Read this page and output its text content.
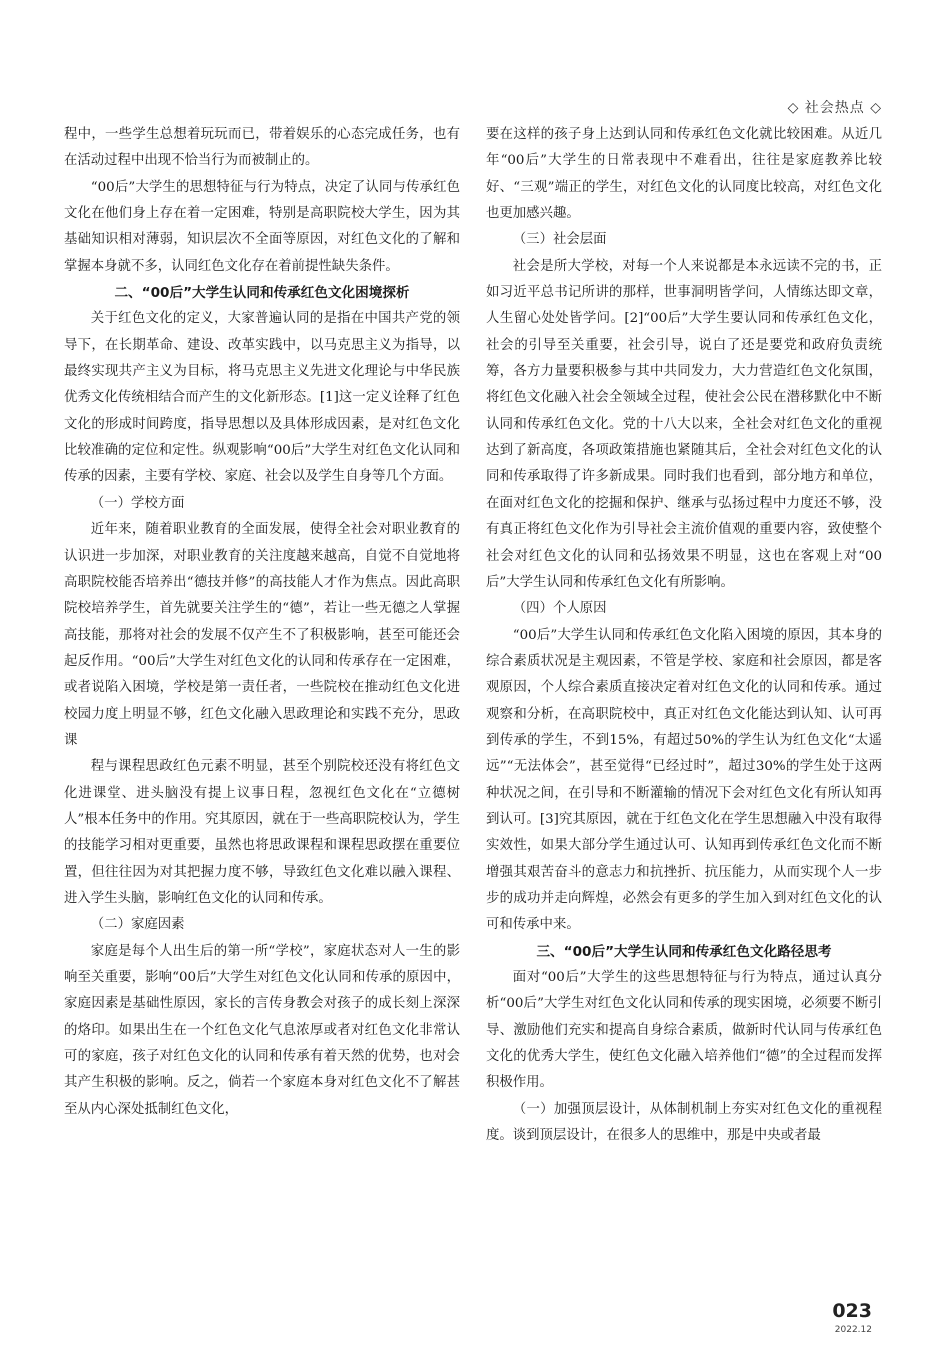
◇ 社会热点 ◇

程中，一些学生总想着玩玩而已，带着娱乐的心态完成任务，也有在活动过程中出现不恰当行为而被制止的。

“00后”大学生的思想特征与行为特点，决定了认同与传承红色文化在他们身上存在着一定困难，特别是高职院校大学生，因为其基础知识相对薄弱，知识层次不全面等原因，对红色文化的了解和掌握本身就不多，认同红色文化存在着前提性缺失条件。

二、“00后”大学生认同和传承红色文化困境探析

关于红色文化的定义，大家普遍认同的是指在中国共产党的领导下，在长期革命、建设、改革实践中，以马克思主义为指导，以最终实现共产主义为目标，将马克思主义先进文化理论与中华民族优秀文化传统相结合而产生的文化新形态。[1]这一定义诠释了红色文化的形成时间跨度，指导思想以及具体形成因素，是对红色文化比较准确的定位和定性。纵观影响“00后”大学生对红色文化认同和传承的因素，主要有学校、家庭、社会以及学生自身等几个方面。

（一）学校方面

近年来，随着职业教育的全面发展，使得全社会对职业教育的认识进一步加深，对职业教育的关注度越来越高，自觉不自觉地将高职院校能否培养出“德技并修”的高技能人才作为焦点。因此高职院校培养学生，首先就要关注学生的“德”，若让一些无德之人掌握高技能，那将对社会的发展不仅产生不了积极影响，甚至可能还会起反作用。“00后”大学生对红色文化的认同和传承存在一定困难，或者说陷入困境，学校是第一责任者，一些院校在推动红色文化进校园力度上明显不够，红色文化融入思政理论和实践不充分，思政课

程与课程思政红色元素不明显，甚至个别院校还没有将红色文化进课堂、进头脑没有提上议事日程，忽视红色文化在“立德树人”根本任务中的作用。究其原因，就在于一些高职院校认为，学生的技能学习相对更重要，虽然也将思政课程和课程思政摆在重要位置，但往往因为对其把握力度不够，导致红色文化难以融入课程、进入学生头脑，影响红色文化的认同和传承。

（二）家庭因素

家庭是每个人出生后的第一所“学校”，家庭状态对人一生的影响至关重要，影响“00后”大学生对红色文化认同和传承的原因中，家庭因素是基础性原因，家长的言传身教会对孩子的成长刻上深深的烙印。如果出生在一个红色文化气息浓厚或者对红色文化非常认可的家庭，孩子对红色文化的认同和传承有着天然的优势，也对会其产生积极的影响。反之，倘若一个家庭本身对红色文化不了解甚至从内心深处抵制红色文化，

要在这样的孩子身上达到认同和传承红色文化就比较困难。从近几年“00后”大学生的日常表现中不难看出，往往是家庭教养比较好、“三观”端正的学生，对红色文化的认同度比较高，对红色文化也更加感兴趣。

（三）社会层面

社会是所大学校，对每一个人来说都是本永远读不完的书，正如习近平总书记所讲的那样，世事洞明皆学问，人情练达即文章，人生留心处处皆学问。[2]“00后”大学生要认同和传承红色文化，社会的引导至关重要，社会引导，说白了还是要党和政府负责统筹，各方力量要积极参与其中共同发力，大力营造红色文化氛围，将红色文化融入社会全领域全过程，使社会公民在潜移默化中不断认同和传承红色文化。党的十八大以来，全社会对红色文化的重视达到了新高度，各项政策措施也紧随其后，全社会对红色文化的认同和传承取得了许多新成果。同时我们也看到，部分地方和单位，在面对红色文化的挖掘和保护、继承与弘扬过程中力度还不够，没有真正将红色文化作为引导社会主流价值观的重要内容，致使整个社会对红色文化的认同和弘扬效果不明显，这也在客观上对“00后”大学生认同和传承红色文化有所影响。

（四）个人原因

“00后”大学生认同和传承红色文化陷入困境的原因，其本身的综合素质状况是主观因素，不管是学校、家庭和社会原因，都是客观原因，个人综合素质直接决定着对红色文化的认同和传承。通过观察和分析，在高职院校中，真正对红色文化能达到认知、认可再到传承的学生，不到15%，有超过50%的学生认为红色文化“太遥远”“无法体会”，甚至觉得“已经过时”，超过30%的学生处于这两种状况之间，在引导和不断灌输的情况下会对红色文化有所认知再到认可。[3]究其原因，就在于红色文化在学生思想融入中没有取得实效性，如果大部分学生通过认可、认知再到传承红色文化而不断增强其艰苦奋斗的意志力和抗挫折、抗压能力，从而实现个人一步步的成功并走向辉煌，必然会有更多的学生加入到对红色文化的认可和传承中来。

三、“00后”大学生认同和传承红色文化路径思考

面对“00后”大学生的这些思想特征与行为特点，通过认真分析“00后”大学生对红色文化认同和传承的现实困境，必须要不断引导、激励他们充实和提高自身综合素质，做新时代认同与传承红色文化的优秀大学生，使红色文化融入培养他们“德”的全过程而发挥积极作用。

（一）加强顶层设计，从体制机制上夯实对红色文化的重视程度。谈到顶层设计，在很多人的思维中，那是中央或者最

023
2022.12
